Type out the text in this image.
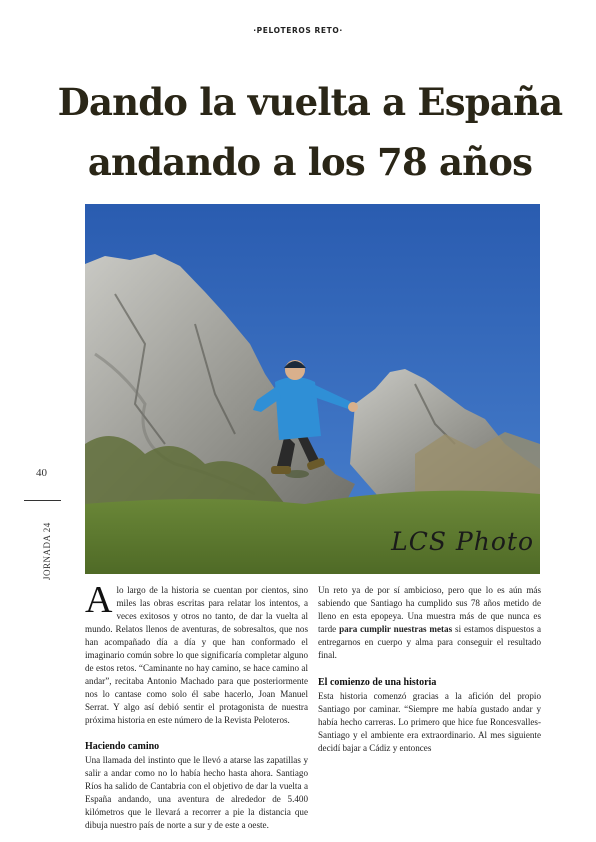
·PELOTEROS RETO·
Dando la vuelta a España
andando a los 78 años
LCS Photo
40
JORNADA 24

Alo largo de la historia se cuentan por cientos, sino miles las obras escritas para relatar los intentos, a veces exitosos y otros no tanto, de dar la vuelta al mundo. Relatos llenos de aventuras, de sobresaltos, que nos han acompañado día a día y que han conformado el imaginario común sobre lo que significaría completar alguno de estos retos. “Caminante no hay camino, se hace camino al andar”, recitaba Antonio Machado para que posteriormente nos lo cantase como solo él sabe hacerlo, Joan Manuel Serrat. Y algo así debió sentir el protagonista de nuestra próxima historia en este número de la Revista Peloteros.

Haciendo camino

Una llamada del instinto que le llevó a atarse las zapatillas y salir a andar como no lo había hecho hasta ahora. Santiago Ríos ha salido de Cantabria con el objetivo de dar la vuelta a España andando, una aventura de alrededor de 5.400 kilómetros que le llevará a recorrer a pie la distancia que dibuja nuestro país de norte a sur y de este a oeste.

Un reto ya de por sí ambicioso, pero que lo es aún más sabiendo que Santiago ha cumplido sus 78 años metido de lleno en esta epopeya. Una muestra más de que nunca es tarde para cumplir nuestras metas si estamos dispuestos a entregarnos en cuerpo y alma para conseguir el resultado final.

El comienzo de una historia

Esta historia comenzó gracias a la afición del propio Santiago por caminar. “Siempre me había gustado andar y había hecho carreras. Lo primero que hice fue Roncesvalles-Santiago y el ambiente era extraordinario. Al mes siguiente decidí bajar a Cádiz y entonces
